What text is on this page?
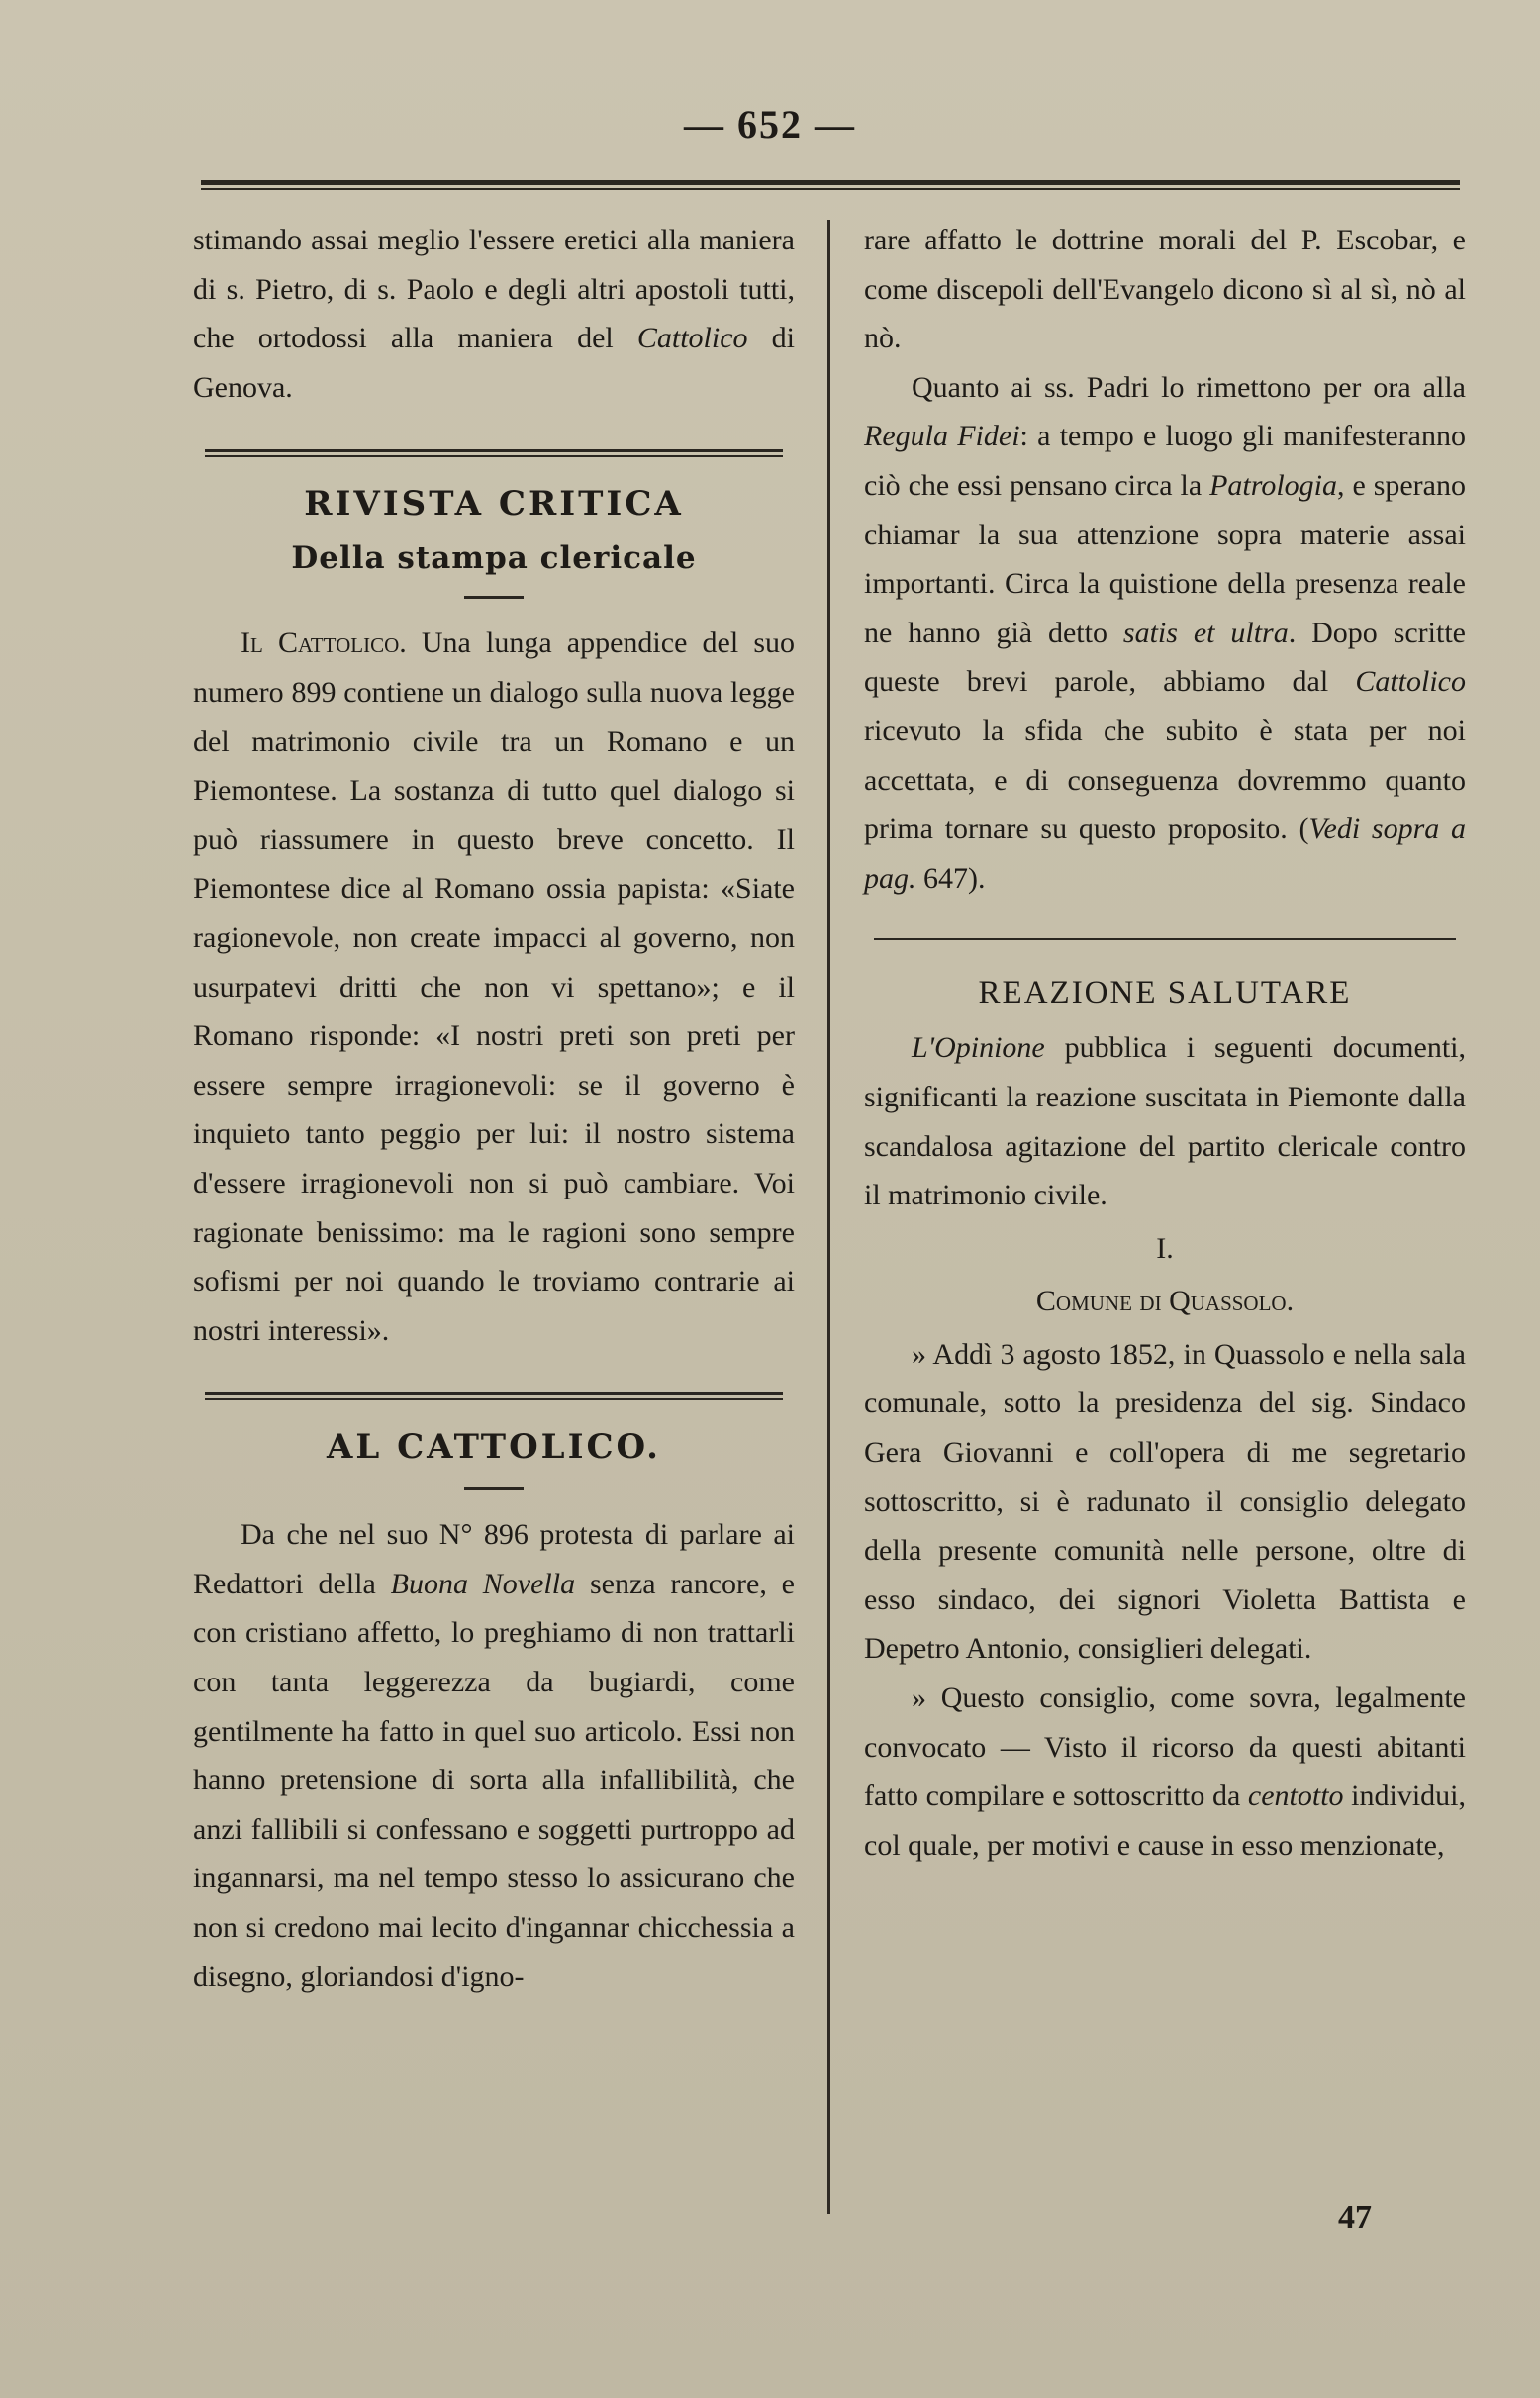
— 652 —

stimando assai meglio l'essere eretici alla maniera di s. Pietro, di s. Paolo e degli altri apostoli tutti, che ortodossi alla maniera del Cattolico di Genova.

RIVISTA CRITICA
Della stampa clericale

Il Cattolico. Una lunga appendice del suo numero 899 contiene un dialogo sulla nuova legge del matrimonio civile tra un Romano e un Piemontese. La sostanza di tutto quel dialogo si può riassumere in questo breve concetto. Il Piemontese dice al Romano ossia papista: «Siate ragionevole, non create impacci al governo, non usurpatevi dritti che non vi spettano»; e il Romano risponde: «I nostri preti son preti per essere sempre irragionevoli: se il governo è inquieto tanto peggio per lui: il nostro sistema d'essere irragionevoli non si può cambiare. Voi ragionate benissimo: ma le ragioni sono sempre sofismi per noi quando le troviamo contrarie ai nostri interessi».

AL CATTOLICO.

Da che nel suo N° 896 protesta di parlare ai Redattori della Buona Novella senza rancore, e con cristiano affetto, lo preghiamo di non trattarli con tanta leggerezza da bugiardi, come gentilmente ha fatto in quel suo articolo. Essi non hanno pretensione di sorta alla infallibilità, che anzi fallibili si confessano e soggetti purtroppo ad ingannarsi, ma nel tempo stesso lo assicurano che non si credono mai lecito d'ingannar chicchessia a disegno, gloriandosi d'igno-

rare affatto le dottrine morali del P. Escobar, e come discepoli dell'Evangelo dicono sì al sì, nò al nò.

Quanto ai ss. Padri lo rimettono per ora alla Regula Fidei: a tempo e luogo gli manifesteranno ciò che essi pensano circa la Patrologia, e sperano chiamar la sua attenzione sopra materie assai importanti. Circa la quistione della presenza reale ne hanno già detto satis et ultra. Dopo scritte queste brevi parole, abbiamo dal Cattolico ricevuto la sfida che subito è stata per noi accettata, e di conseguenza dovremmo quanto prima tornare su questo proposito. (Vedi sopra a pag. 647).

REAZIONE SALUTARE

L'Opinione pubblica i seguenti documenti, significanti la reazione suscitata in Piemonte dalla scandalosa agitazione del partito clericale contro il matrimonio civile.

I.
Comune di Quassolo.

» Addì 3 agosto 1852, in Quassolo e nella sala comunale, sotto la presidenza del sig. Sindaco Gera Giovanni e coll'opera di me segretario sottoscritto, si è radunato il consiglio delegato della presente comunità nelle persone, oltre di esso sindaco, dei signori Violetta Battista e Depetro Antonio, consiglieri delegati.

» Questo consiglio, come sovra, legalmente convocato — Visto il ricorso da questi abitanti fatto compilare e sottoscritto da centotto individui, col quale, per motivi e cause in esso menzionate,

47
